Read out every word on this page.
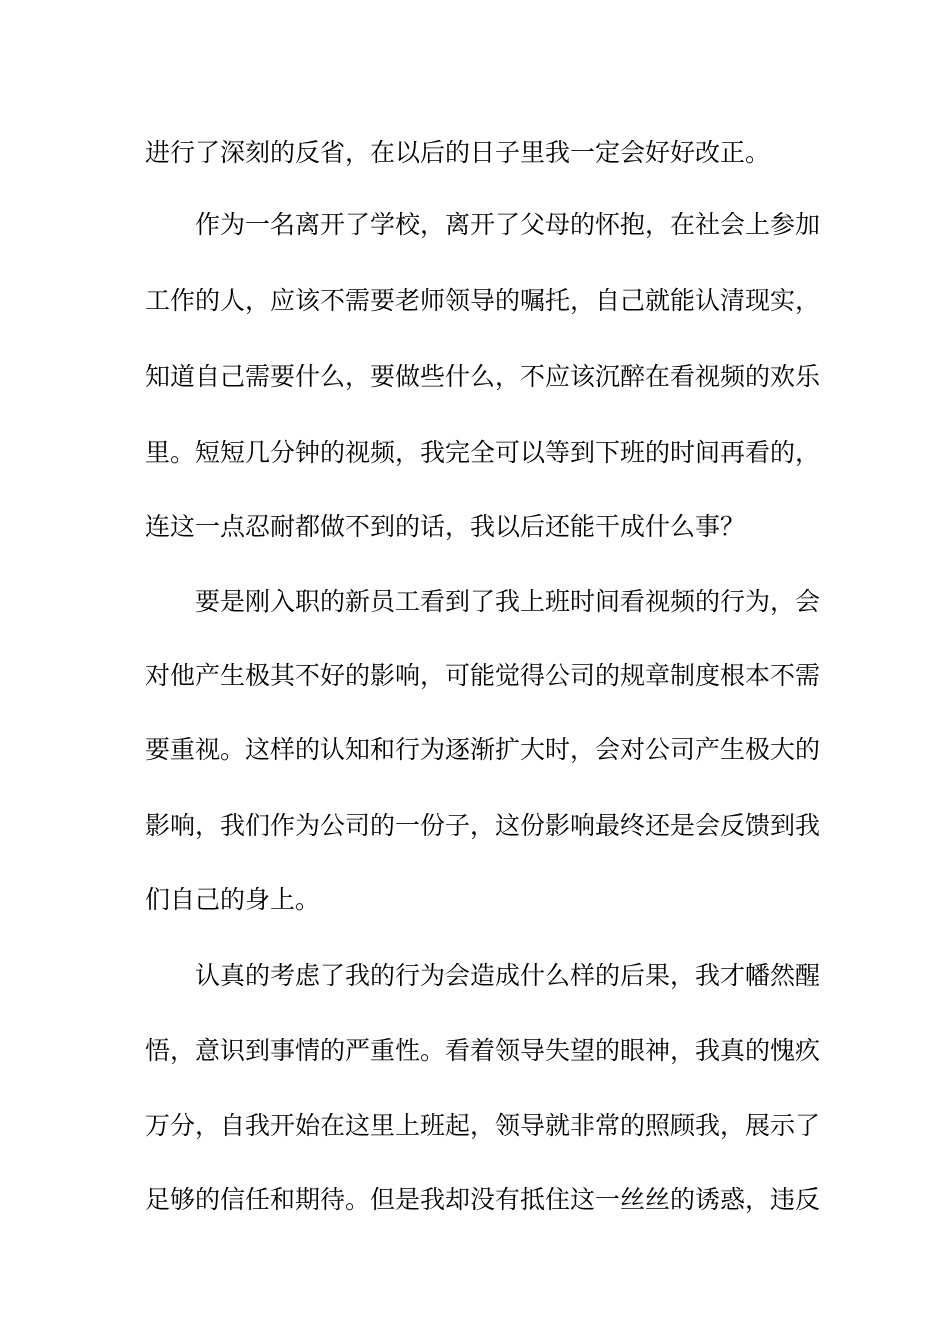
进行了深刻的反省，在以后的日子里我一定会好好改正。
作为一名离开了学校，离开了父母的怀抱，在社会上参加
工作的人，应该不需要老师领导的嘱托，自己就能认清现实，
知道自己需要什么，要做些什么，不应该沉醉在看视频的欢乐
里。短短几分钟的视频，我完全可以等到下班的时间再看的，
连这一点忍耐都做不到的话，我以后还能干成什么事？
要是刚入职的新员工看到了我上班时间看视频的行为，会
对他产生极其不好的影响，可能觉得公司的规章制度根本不需
要重视。这样的认知和行为逐渐扩大时，会对公司产生极大的
影响，我们作为公司的一份子，这份影响最终还是会反馈到我
们自己的身上。
认真的考虑了我的行为会造成什么样的后果，我才幡然醒
悟，意识到事情的严重性。看着领导失望的眼神，我真的愧疚
万分，自我开始在这里上班起，领导就非常的照顾我，展示了
足够的信任和期待。但是我却没有抵住这一丝丝的诱惑，违反
